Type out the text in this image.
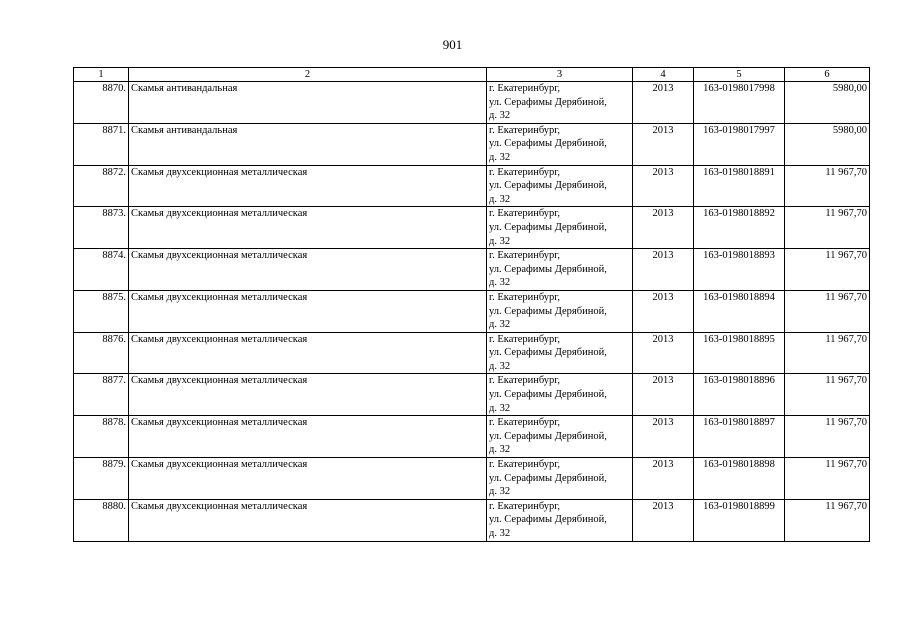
901
1	2	3	4	5	6
8870.	Скамья антивандальная	г. Екатеринбург,
ул. Серафимы Дерябиной,
д. 32	2013	163-0198017998	5980,00
8871.	Скамья антивандальная	г. Екатеринбург,
ул. Серафимы Дерябиной,
д. 32	2013	163-0198017997	5980,00
8872.	Скамья двухсекционная металлическая	г. Екатеринбург,
ул. Серафимы Дерябиной,
д. 32	2013	163-0198018891	11 967,70
8873.	Скамья двухсекционная металлическая	г. Екатеринбург,
ул. Серафимы Дерябиной,
д. 32	2013	163-0198018892	11 967,70
8874.	Скамья двухсекционная металлическая	г. Екатеринбург,
ул. Серафимы Дерябиной,
д. 32	2013	163-0198018893	11 967,70
8875.	Скамья двухсекционная металлическая	г. Екатеринбург,
ул. Серафимы Дерябиной,
д. 32	2013	163-0198018894	11 967,70
8876.	Скамья двухсекционная металлическая	г. Екатеринбург,
ул. Серафимы Дерябиной,
д. 32	2013	163-0198018895	11 967,70
8877.	Скамья двухсекционная металлическая	г. Екатеринбург,
ул. Серафимы Дерябиной,
д. 32	2013	163-0198018896	11 967,70
8878.	Скамья двухсекционная металлическая	г. Екатеринбург,
ул. Серафимы Дерябиной,
д. 32	2013	163-0198018897	11 967,70
8879.	Скамья двухсекционная металлическая	г. Екатеринбург,
ул. Серафимы Дерябиной,
д. 32	2013	163-0198018898	11 967,70
8880.	Скамья двухсекционная металлическая	г. Екатеринбург,
ул. Серафимы Дерябиной,
д. 32	2013	163-0198018899	11 967,70
